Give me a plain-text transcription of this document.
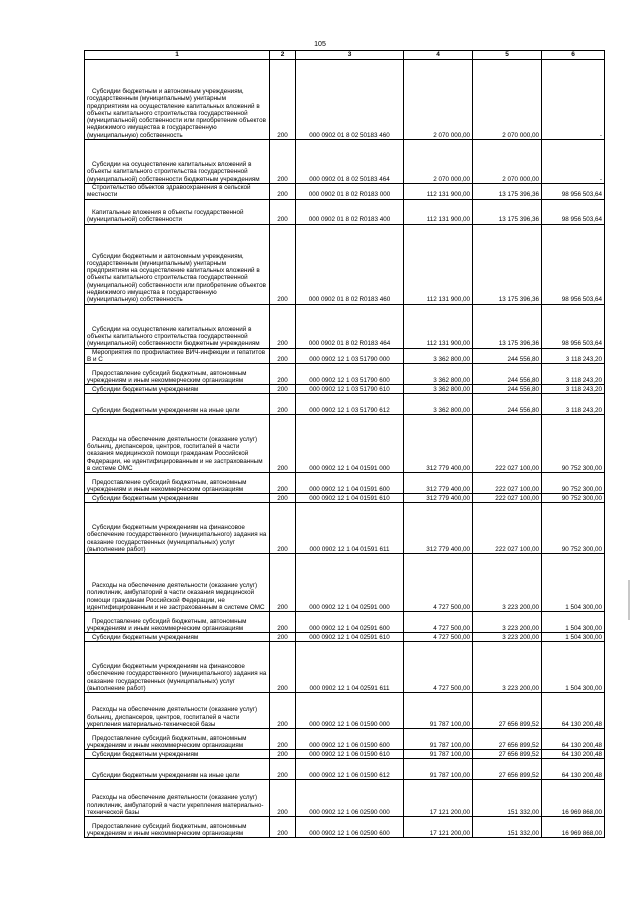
105
1	2	3	4	5	6
Субсидии бюджетным и автономным учреждениям, государственным (муниципальным) унитарным предприятиям на осуществление капитальных вложений в объекты капитального строительства государственной (муниципальной) собственности или приобретение объектов недвижимого имущества в государственную (муниципальную) собственность	200	000 0902 01 8 02 50183 460	2 070 000,00	2 070 000,00	-
Субсидии на осуществление капитальных вложений в объекты капитального строительства государственной (муниципальной) собственности бюджетным учреждениям	200	000 0902 01 8 02 50183 464	2 070 000,00	2 070 000,00	-
Строительство объектов здравоохранения в сельской местности	200	000 0902 01 8 02 R0183 000	112 131 900,00	13 175 396,36	98 956 503,64
Капитальные вложения в объекты государственной (муниципальной) собственности	200	000 0902 01 8 02 R0183 400	112 131 900,00	13 175 396,36	98 956 503,64
Субсидии бюджетным и автономным учреждениям, государственным (муниципальным) унитарным предприятиям на осуществление капитальных вложений в объекты капитального строительства государственной (муниципальной) собственности или приобретение объектов недвижимого имущества в государственную (муниципальную) собственность	200	000 0902 01 8 02 R0183 460	112 131 900,00	13 175 396,36	98 956 503,64
Субсидии на осуществление капитальных вложений в объекты капитального строительства государственной (муниципальной) собственности бюджетным учреждениям	200	000 0902 01 8 02 R0183 464	112 131 900,00	13 175 396,36	98 956 503,64
Мероприятия по профилактике ВИЧ-инфекции и гепатитов В и С	200	000 0902 12 1 03 51790 000	3 362 800,00	244 556,80	3 118 243,20
Предоставление субсидий бюджетным, автономным учреждениям и иным некоммерческим организациям	200	000 0902 12 1 03 51790 600	3 362 800,00	244 556,80	3 118 243,20
Субсидии бюджетным учреждениям	200	000 0902 12 1 03 51790 610	3 362 800,00	244 556,80	3 118 243,20
Субсидии бюджетным учреждениям на иные цели	200	000 0902 12 1 03 51790 612	3 362 800,00	244 556,80	3 118 243,20
Расходы на обеспечение деятельности (оказание услуг) больниц, диспансеров, центров, госпиталей в части оказания медицинской помощи гражданам Российской Федерации, не идентифицированным и не застрахованным в системе ОМС	200	000 0902 12 1 04 01591 000	312 779 400,00	222 027 100,00	90 752 300,00
Предоставление субсидий бюджетным, автономным учреждениям и иным некоммерческим организациям	200	000 0902 12 1 04 01591 600	312 779 400,00	222 027 100,00	90 752 300,00
Субсидии бюджетным учреждениям	200	000 0902 12 1 04 01591 610	312 779 400,00	222 027 100,00	90 752 300,00
Субсидии бюджетным учреждениям на финансовое обеспечение государственного (муниципального) задания на оказание государственных (муниципальных) услуг (выполнение работ)	200	000 0902 12 1 04 01591 611	312 779 400,00	222 027 100,00	90 752 300,00
Расходы на обеспечение деятельности (оказание услуг) поликлиник, амбулаторий в части оказания медицинской помощи гражданам Российской Федерации, не идентифицированным и не застрахованным в системе ОМС	200	000 0902 12 1 04 02591 000	4 727 500,00	3 223 200,00	1 504 300,00
Предоставление субсидий бюджетным, автономным учреждениям и иным некоммерческим организациям	200	000 0902 12 1 04 02591 600	4 727 500,00	3 223 200,00	1 504 300,00
Субсидии бюджетным учреждениям	200	000 0902 12 1 04 02591 610	4 727 500,00	3 223 200,00	1 504 300,00
Субсидии бюджетным учреждениям на финансовое обеспечение государственного (муниципального) задания на оказание государственных (муниципальных) услуг (выполнение работ)	200	000 0902 12 1 04 02591 611	4 727 500,00	3 223 200,00	1 504 300,00
Расходы на обеспечение деятельности (оказание услуг) больниц, диспансеров, центров, госпиталей в части укрепления материально-технической базы	200	000 0902 12 1 06 01590 000	91 787 100,00	27 656 899,52	64 130 200,48
Предоставление субсидий бюджетным, автономным учреждениям и иным некоммерческим организациям	200	000 0902 12 1 06 01590 600	91 787 100,00	27 656 899,52	64 130 200,48
Субсидии бюджетным учреждениям	200	000 0902 12 1 06 01590 610	91 787 100,00	27 656 899,52	64 130 200,48
Субсидии бюджетным учреждениям на иные цели	200	000 0902 12 1 06 01590 612	91 787 100,00	27 656 899,52	64 130 200,48
Расходы на обеспечение деятельности (оказание услуг) поликлиник, амбулаторий в части укрепления материально-технической базы	200	000 0902 12 1 06 02590 000	17 121 200,00	151 332,00	16 969 868,00
Предоставление субсидий бюджетным, автономным учреждениям и иным некоммерческим организациям	200	000 0902 12 1 06 02590 600	17 121 200,00	151 332,00	16 969 868,00
